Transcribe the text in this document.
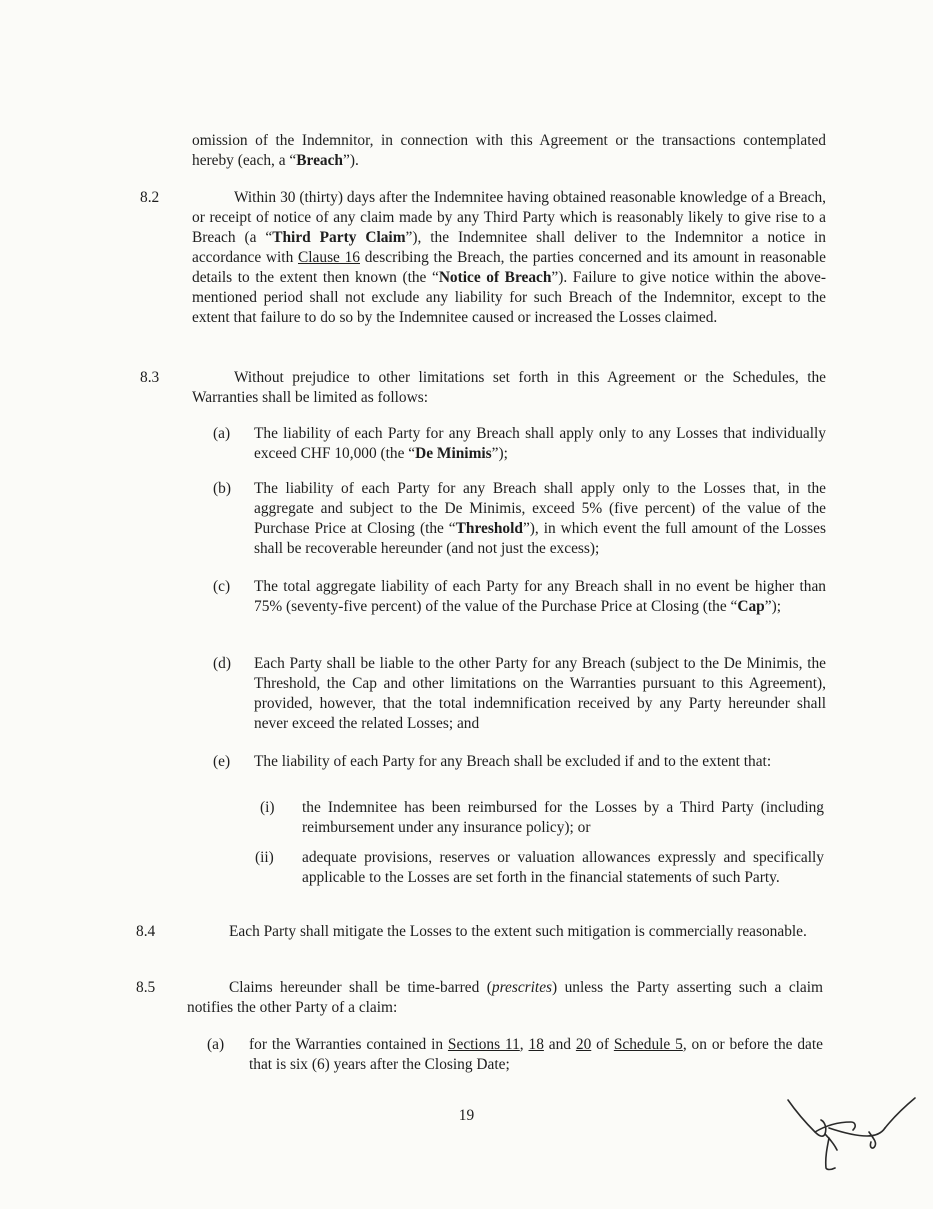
omission of the Indemnitor, in connection with this Agreement or the transactions contemplated hereby (each, a “Breach”).
8.2	Within 30 (thirty) days after the Indemnitee having obtained reasonable knowledge of a Breach, or receipt of notice of any claim made by any Third Party which is reasonably likely to give rise to a Breach (a “Third Party Claim”), the Indemnitee shall deliver to the Indemnitor a notice in accordance with Clause 16 describing the Breach, the parties concerned and its amount in reasonable details to the extent then known (the “Notice of Breach”). Failure to give notice within the above-mentioned period shall not exclude any liability for such Breach of the Indemnitor, except to the extent that failure to do so by the Indemnitee caused or increased the Losses claimed.
8.3	Without prejudice to other limitations set forth in this Agreement or the Schedules, the Warranties shall be limited as follows:
(a) The liability of each Party for any Breach shall apply only to any Losses that individually exceed CHF 10,000 (the “De Minimis”);
(b) The liability of each Party for any Breach shall apply only to the Losses that, in the aggregate and subject to the De Minimis, exceed 5% (five percent) of the value of the Purchase Price at Closing (the “Threshold”), in which event the full amount of the Losses shall be recoverable hereunder (and not just the excess);
(c) The total aggregate liability of each Party for any Breach shall in no event be higher than 75% (seventy-five percent) of the value of the Purchase Price at Closing (the “Cap”);
(d) Each Party shall be liable to the other Party for any Breach (subject to the De Minimis, the Threshold, the Cap and other limitations on the Warranties pursuant to this Agreement), provided, however, that the total indemnification received by any Party hereunder shall never exceed the related Losses; and
(e) The liability of each Party for any Breach shall be excluded if and to the extent that:
(i) the Indemnitee has been reimbursed for the Losses by a Third Party (including reimbursement under any insurance policy); or
(ii) adequate provisions, reserves or valuation allowances expressly and specifically applicable to the Losses are set forth in the financial statements of such Party.
8.4	Each Party shall mitigate the Losses to the extent such mitigation is commercially reasonable.
8.5	Claims hereunder shall be time-barred (prescrites) unless the Party asserting such a claim notifies the other Party of a claim:
(a) for the Warranties contained in Sections 11, 18 and 20 of Schedule 5, on or before the date that is six (6) years after the Closing Date;
19
